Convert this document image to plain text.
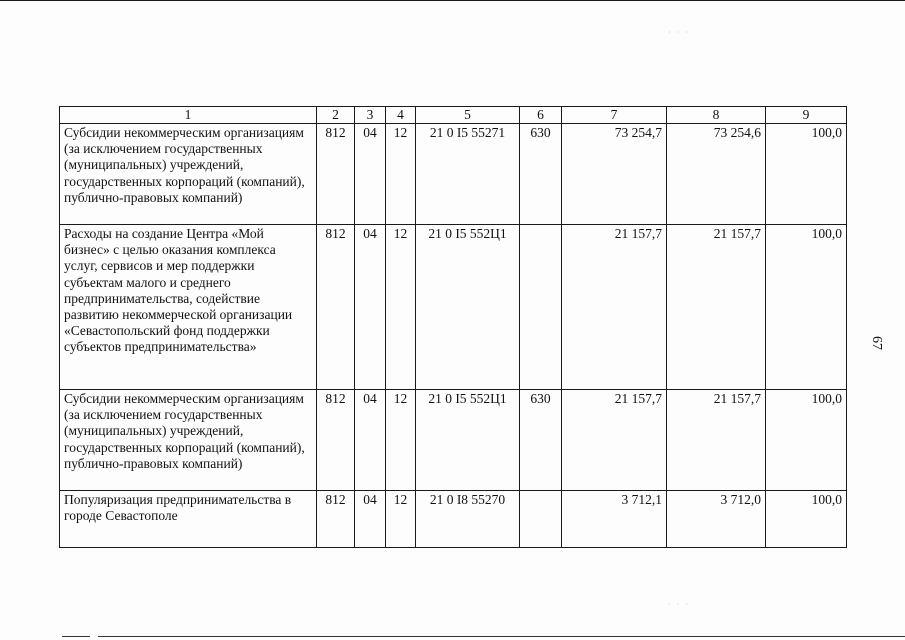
· · ·
· · ·
1	2	3	4	5	6	7	8	9
Субсидии некоммерческим организациям (за исключением государственных (муниципальных) учреждений, государственных корпораций (компаний), публично-правовых компаний)	812	04	12	21 0 I5 55271	630	73 254,7	73 254,6	100,0
Расходы на создание Центра «Мой бизнес» с целью оказания комплекса услуг, сервисов и мер поддержки субъектам малого и среднего предпринимательства, содействие развитию некоммерческой организации «Севастопольский фонд поддержки субъектов предпринимательства»	812	04	12	21 0 I5 552Ц1		21 157,7	21 157,7	100,0
Субсидии некоммерческим организациям (за исключением государственных (муниципальных) учреждений, государственных корпораций (компаний), публично-правовых компаний)	812	04	12	21 0 I5 552Ц1	630	21 157,7	21 157,7	100,0
Популяризация предпринимательства в городе Севастополе	812	04	12	21 0 I8 55270		3 712,1	3 712,0	100,0
67
